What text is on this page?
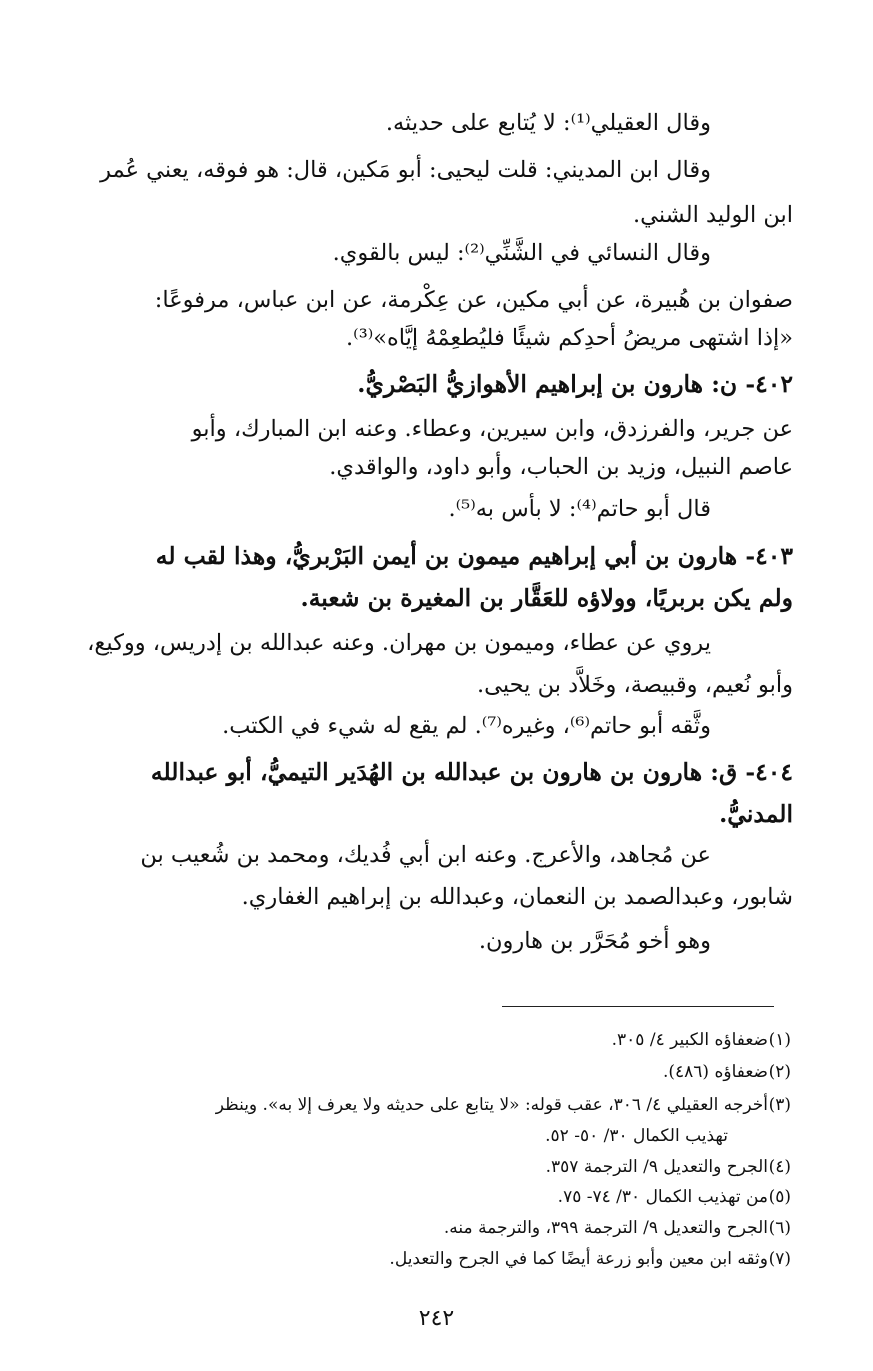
وقال العقيلي⁽¹⁾: لا يُتابع على حديثه.
وقال ابن المديني: قلت ليحيى: أبو مَكين، قال: هو فوقه، يعني عُمر
ابن الوليد الشني.
وقال النسائي في الشَّنِّي⁽²⁾: ليس بالقوي.
صفوان بن هُبيرة، عن أبي مكين، عن عِكْرمة، عن ابن عباس، مرفوعًا:
«إذا اشتهى مريضُ أحدِكم شيئًا فليُطعِمْهُ إيَّاه»⁽³⁾.
٤٠٢- ن: هارون بن إبراهيم الأهوازيُّ البَصْريُّ.
عن جرير، والفرزدق، وابن سيرين، وعطاء. وعنه ابن المبارك، وأبو
عاصم النبيل، وزيد بن الحباب، وأبو داود، والواقدي.
قال أبو حاتم⁽⁴⁾: لا بأس به⁽⁵⁾.
٤٠٣- هارون بن أبي إبراهيم ميمون بن أيمن البَرْبريُّ، وهذا لقب له
ولم يكن بربريًا، وولاؤه للعَقَّار بن المغيرة بن شعبة.
يروي عن عطاء، وميمون بن مهران. وعنه عبدالله بن إدريس، ووكيع،
وأبو نُعيم، وقبيصة، وخَلاَّد بن يحيى.
وثَّقه أبو حاتم⁽⁶⁾، وغيره⁽⁷⁾. لم يقع له شيء في الكتب.
٤٠٤- ق: هارون بن هارون بن عبدالله بن الهُدَير التيميُّ، أبو عبدالله
المدنيُّ.
عن مُجاهد، والأعرج. وعنه ابن أبي فُديك، ومحمد بن شُعيب بن
شابور، وعبدالصمد بن النعمان، وعبدالله بن إبراهيم الغفاري.
وهو أخو مُحَرَّر بن هارون.
(١)
ضعفاؤه الكبير ٤/ ٣٠٥.
(٢)
ضعفاؤه (٤٨٦).
(٣)
أخرجه العقيلي ٤/ ٣٠٦، عقب قوله: «لا يتابع على حديثه ولا يعرف إلا به». وينظر
تهذيب الكمال ٣٠/ ٥٠- ٥٢.
(٤)
الجرح والتعديل ٩/ الترجمة ٣٥٧.
(٥)
من تهذيب الكمال ٣٠/ ٧٤- ٧٥.
(٦)
الجرح والتعديل ٩/ الترجمة ٣٩٩، والترجمة منه.
(٧)
وثقه ابن معين وأبو زرعة أيضًا كما في الجرح والتعديل.
٢٤٢
